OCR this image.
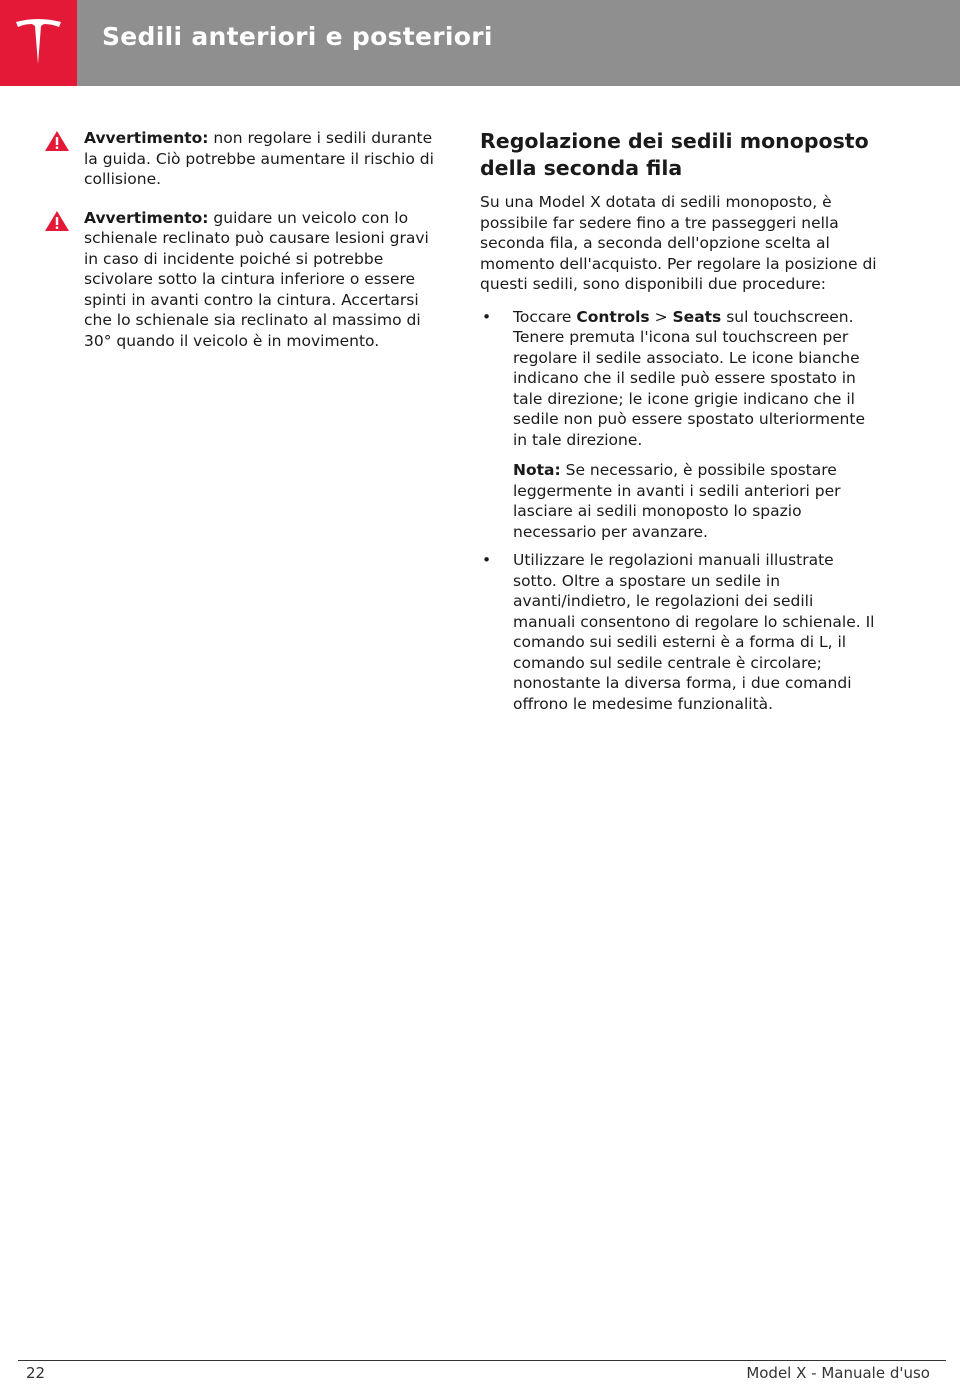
Sedili anteriori e posteriori

Avvertimento: non regolare i sedili durante la guida. Ciò potrebbe aumentare il rischio di collisione.

Avvertimento: guidare un veicolo con lo schienale reclinato può causare lesioni gravi in caso di incidente poiché si potrebbe scivolare sotto la cintura inferiore o essere spinti in avanti contro la cintura. Accertarsi che lo schienale sia reclinato al massimo di 30° quando il veicolo è in movimento.

Regolazione dei sedili monoposto della seconda fila

Su una Model X dotata di sedili monoposto, è possibile far sedere fino a tre passeggeri nella seconda fila, a seconda dell'opzione scelta al momento dell'acquisto. Per regolare la posizione di questi sedili, sono disponibili due procedure:

• Toccare Controls > Seats sul touchscreen. Tenere premuta l'icona sul touchscreen per regolare il sedile associato. Le icone bianche indicano che il sedile può essere spostato in tale direzione; le icone grigie indicano che il sedile non può essere spostato ulteriormente in tale direzione.
Nota: Se necessario, è possibile spostare leggermente in avanti i sedili anteriori per lasciare ai sedili monoposto lo spazio necessario per avanzare.
• Utilizzare le regolazioni manuali illustrate sotto. Oltre a spostare un sedile in avanti/indietro, le regolazioni dei sedili manuali consentono di regolare lo schienale. Il comando sui sedili esterni è a forma di L, il comando sul sedile centrale è circolare; nonostante la diversa forma, i due comandi offrono le medesime funzionalità.
22	Model X - Manuale d'uso
